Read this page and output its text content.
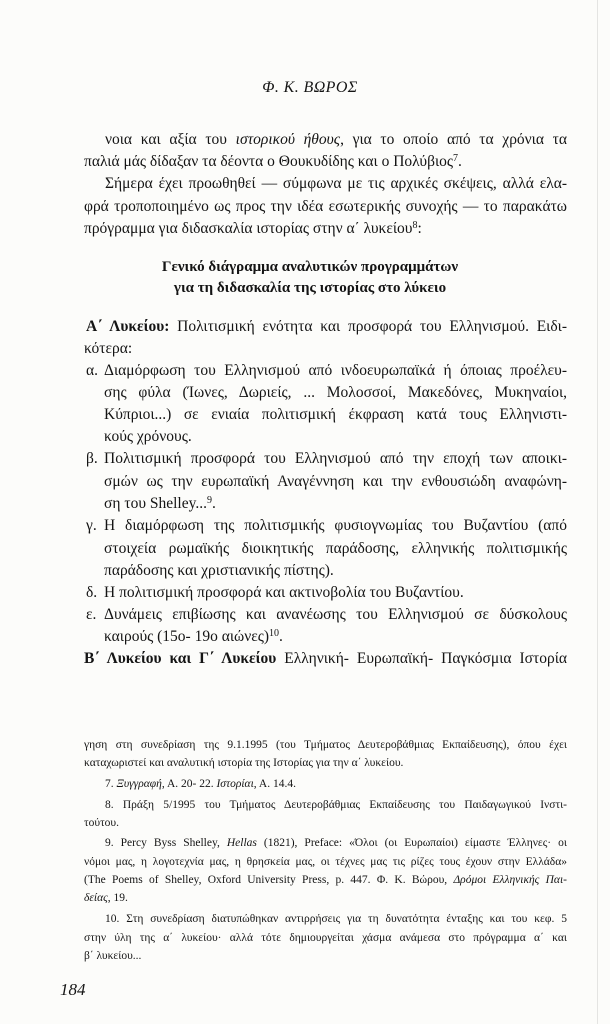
Φ. Κ. ΒΩΡΟΣ
νοια και αξία του ιστορικού ήθους, για το οποίο από τα χρόνια τα
παλιά μάς δίδαξαν τα δέοντα ο Θουκυδίδης και ο Πολύβιος$^7$.
Σήμερα έχει προωθηθεί — σύμφωνα με τις αρχικές σκέψεις, αλλά ελα-
φρά τροποποιημένο ως προς την ιδέα εσωτερικής συνοχής — το παρακάτω
πρόγραμμα για διδασκαλία ιστορίας στην α΄ λυκείου$^8$:
Γενικό διάγραμμα αναλυτικών προγραμμάτων
για τη διδασκαλία της ιστορίας στο λύκειο
Α΄ Λυκείου: Πολιτισμική ενότητα και προσφορά του Ελληνισμού. Ειδι-
κότερα:
α. Διαμόρφωση του Ελληνισμού από ινδοευρωπαϊκά ή όποιας προέλευ-
σης φύλα (Ίωνες, Δωριείς, ... Μολοσσοί, Μακεδόνες, Μυκηναίοι,
Κύπριοι...) σε ενιαία πολιτισμική έκφραση κατά τους Ελληνιστι-
κούς χρόνους.
β. Πολιτισμική προσφορά του Ελληνισμού από την εποχή των αποικι-
σμών ως την ευρωπαϊκή Αναγέννηση και την ενθουσιώδη αναφώνη-
ση του Shelley...$^9$.
γ. Η διαμόρφωση της πολιτισμικής φυσιογνωμίας του Βυζαντίου (από
στοιχεία ρωμαϊκής διοικητικής παράδοσης, ελληνικής πολιτισμικής
παράδοσης και χριστιανικής πίστης).
δ. Η πολιτισμική προσφορά και ακτινοβολία του Βυζαντίου.
ε. Δυνάμεις επιβίωσης και ανανέωσης του Ελληνισμού σε δύσκολους
καιρούς (15ο- 19ο αιώνες)$^{10}$.
Β΄ Λυκείου και Γ΄ Λυκείου Ελληνική- Ευρωπαϊκή- Παγκόσμια Ιστορία
γηση στη συνεδρίαση της 9.1.1995 (του Τμήματος Δευτεροβάθμιας Εκπαίδευσης), όπου έχει
καταχωριστεί και αναλυτική ιστορία της Ιστορίας για την α΄ λυκείου.
7. Ξυγγραφή, Α. 20- 22. Ιστορίαι, Α. 14.4.
8. Πράξη 5/1995 του Τμήματος Δευτεροβάθμιας Εκπαίδευσης του Παιδαγωγικού Ινστι-
τούτου.
9. Percy Byss Shelley, Hellas (1821), Preface: «Όλοι (οι Ευρωπαίοι) είμαστε Έλληνες· οι
νόμοι μας, η λογοτεχνία μας, η θρησκεία μας, οι τέχνες μας τις ρίζες τους έχουν στην Ελλάδα»
(The Poems of Shelley, Oxford University Press, p. 447. Φ. Κ. Βώρου, Δρόμοι Ελληνικής Παι-
δείας, 19.
10. Στη συνεδρίαση διατυπώθηκαν αντιρρήσεις για τη δυνατότητα ένταξης και του κεφ. 5
στην ύλη της α΄ λυκείου· αλλά τότε δημιουργείται χάσμα ανάμεσα στο πρόγραμμα α΄ και
β΄ λυκείου...
184
